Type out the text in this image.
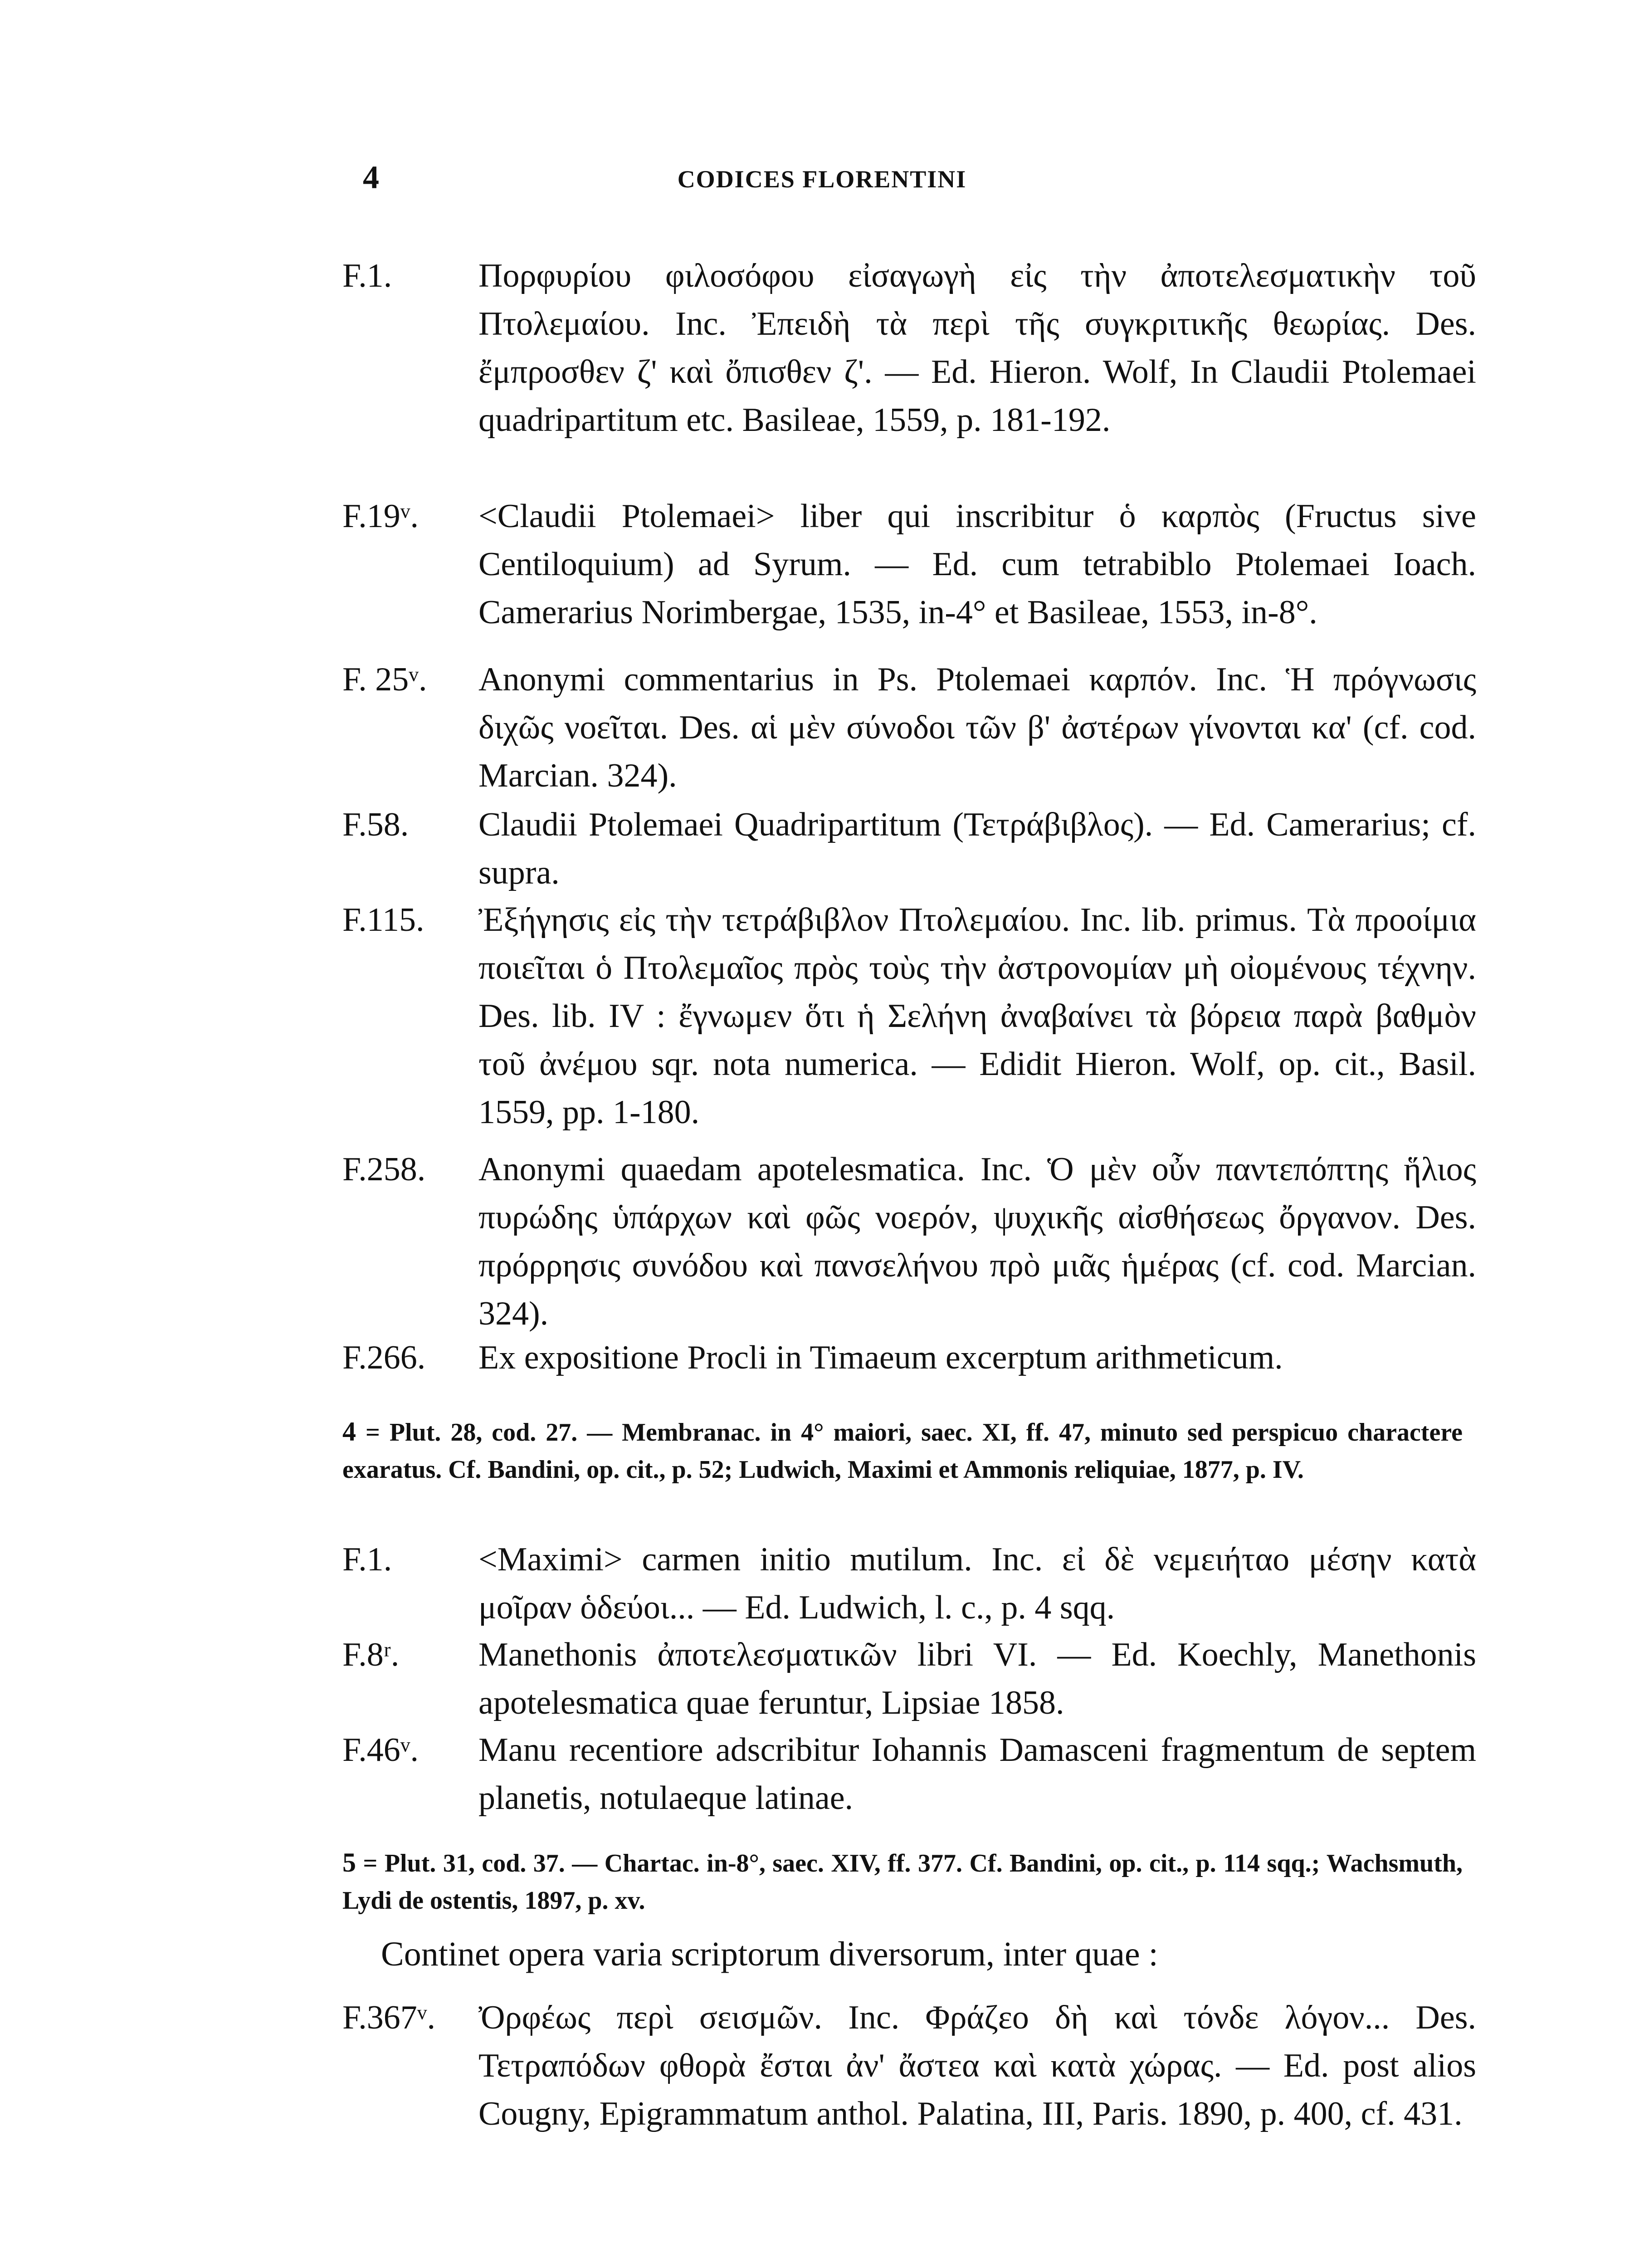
4	CODICES FLORENTINI
F.1.	Πορφυρίου φιλοσόφου εἰσαγωγὴ εἰς τὴν ἀποτελεσματικὴν τοῦ Πτολεμαίου. Inc. Ἐπειδὴ τὰ περὶ τῆς συγκριτικῆς θεωρίας. Des. ἔμπροσθεν ζ' καὶ ὄπισθεν ζ'. — Ed. Hieron. Wolf, In Claudii Ptolemaei quadripartitum etc. Basileae, 1559, p. 181-192.
F.19ᵛ.	<Claudii Ptolemaei> liber qui inscribitur ὁ καρπὸς (Fructus sive Centiloquium) ad Syrum. — Ed. cum tetrabiblo Ptolemaei Ioach. Camerarius Norimbergae, 1535, in-4° et Basileae, 1553, in-8°.
F. 25ᵛ.	Anonymi commentarius in Ps. Ptolemaei καρπόν. Inc. Ἡ πρόγνωσις διχῶς νοεῖται. Des. αἱ μὲν σύνοδοι τῶν β' ἀστέρων γίνονται κα' (cf. cod. Marcian. 324).
F.58.	Claudii Ptolemaei Quadripartitum (Τετράβιβλος). — Ed. Camerarius; cf. supra.
F.115.	Ἐξήγησις εἰς τὴν τετράβιβλον Πτολεμαίου. Inc. lib. primus. Τὰ προοίμια ποιεῖται ὁ Πτολεμαῖος πρὸς τοὺς τὴν ἀστρονομίαν μὴ οἰομένους τέχνην. Des. lib. IV : ἔγνωμεν ὅτι ἡ Σελήνη ἀναβαίνει τὰ βόρεια παρὰ βαθμὸν τοῦ ἀνέμου sqr. nota numerica. — Edidit Hieron. Wolf, op. cit., Basil. 1559, pp. 1-180.
F.258.	Anonymi quaedam apotelesmatica. Inc. Ὁ μὲν οὖν παντεπόπτης ἥλιος πυρώδης ὑπάρχων καὶ φῶς νοερόν, ψυχικῆς αἰσθήσεως ὄργανον. Des. πρόρρησις συνόδου καὶ πανσελήνου πρὸ μιᾶς ἡμέρας (cf. cod. Marcian. 324).
F.266.	Ex expositione Procli in Timaeum excerptum arithmeticum.
4 = Plut. 28, cod. 27. — Membranac. in 4° maiori, saec. XI, ff. 47, minuto sed perspicuo charactere exaratus. Cf. Bandini, op. cit., p. 52; Ludwich, Maximi et Ammonis reliquiae, 1877, p. IV.
F.1.	<Maximi> carmen initio mutilum. Inc. εἰ δὲ νεμειήταο μέσην κατὰ μοῖραν ὁδεύοι... — Ed. Ludwich, l. c., p. 4 sqq.
F.8ʳ.	Manethonis ἀποτελεσματικῶν libri VI. — Ed. Koechly, Manethonis apotelesmatica quae feruntur, Lipsiae 1858.
F.46ᵛ.	Manu recentiore adscribitur Iohannis Damasceni fragmentum de septem planetis, notulaeque latinae.
5 = Plut. 31, cod. 37. — Chartac. in-8°, saec. XIV, ff. 377. Cf. Bandini, op. cit., p. 114 sqq.; Wachsmuth, Lydi de ostentis, 1897, p. xv.
Continet opera varia scriptorum diversorum, inter quae :
F.367ᵛ.	Ὀρφέως περὶ σεισμῶν. Inc. Φράζεο δὴ καὶ τόνδε λόγον... Des. Τετραπόδων φθορὰ ἔσται ἀν' ἄστεα καὶ κατὰ χώρας. — Ed. post alios Cougny, Epigrammatum anthol. Palatina, III, Paris. 1890, p. 400, cf. 431.
